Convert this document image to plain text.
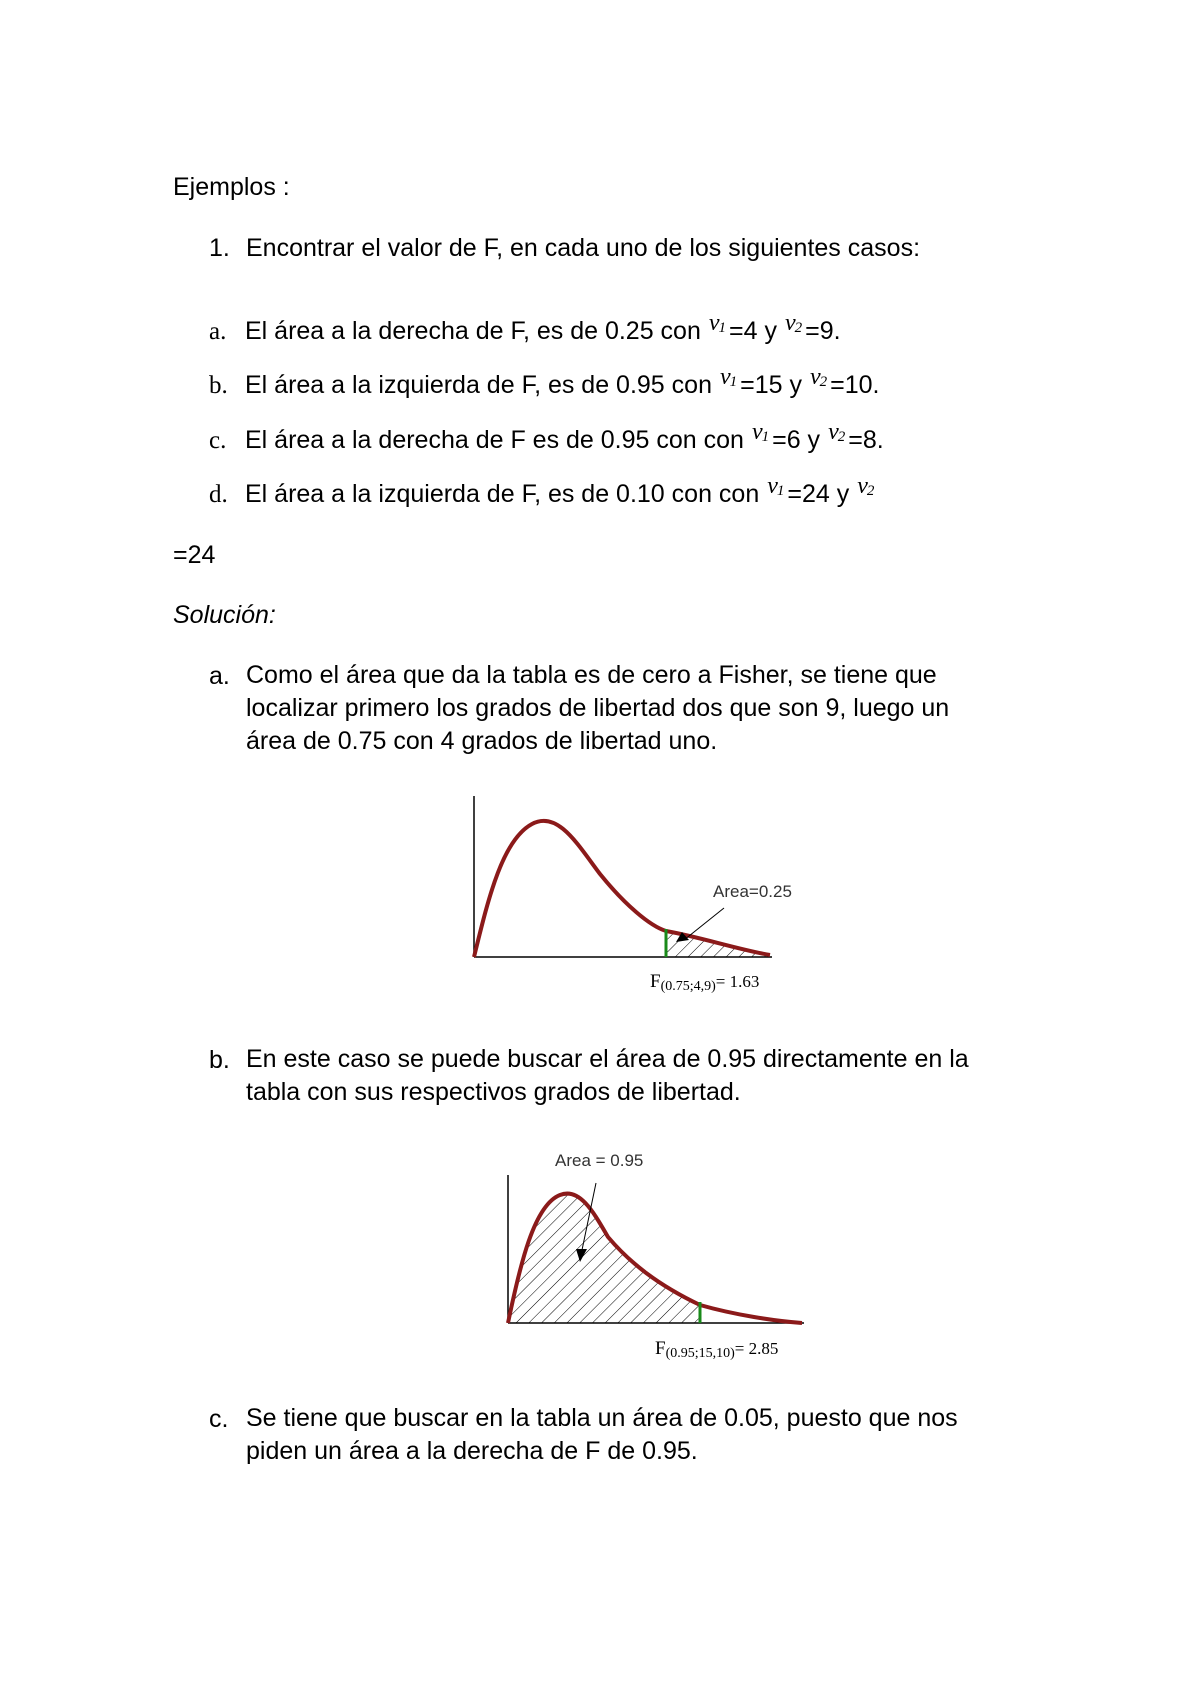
Ejemplos :
1. Encontrar el valor de F, en cada uno de los siguientes casos:
a. El área a la derecha de F, es de 0.25 con $\nu_1 =4$ y $\nu_2 =9$.
b. El área a la izquierda de F, es de 0.95 con $\nu_1 =15$ y $\nu_2 =10$.
c. El área a la derecha de F es de 0.95 con con $\nu_1 =6$ y $\nu_2 =8$.
d. El área a la izquierda de F, es de 0.10 con con $\nu_1 =24$ y $\nu_2$
=24
Solución:
a. Como el área que da la tabla es de cero a Fisher, se tiene que localizar primero los grados de libertad dos que son 9, luego un área de 0.75 con 4 grados de libertad uno.
Area=0.25
F(0.75;4,9)= 1.63
b. En este caso se puede buscar el área de 0.95 directamente en la tabla con sus respectivos grados de libertad.
Area = 0.95
F(0.95;15,10)= 2.85
c. Se tiene que buscar en la tabla un área de 0.05, puesto que nos piden un área a la derecha de F de 0.95.
